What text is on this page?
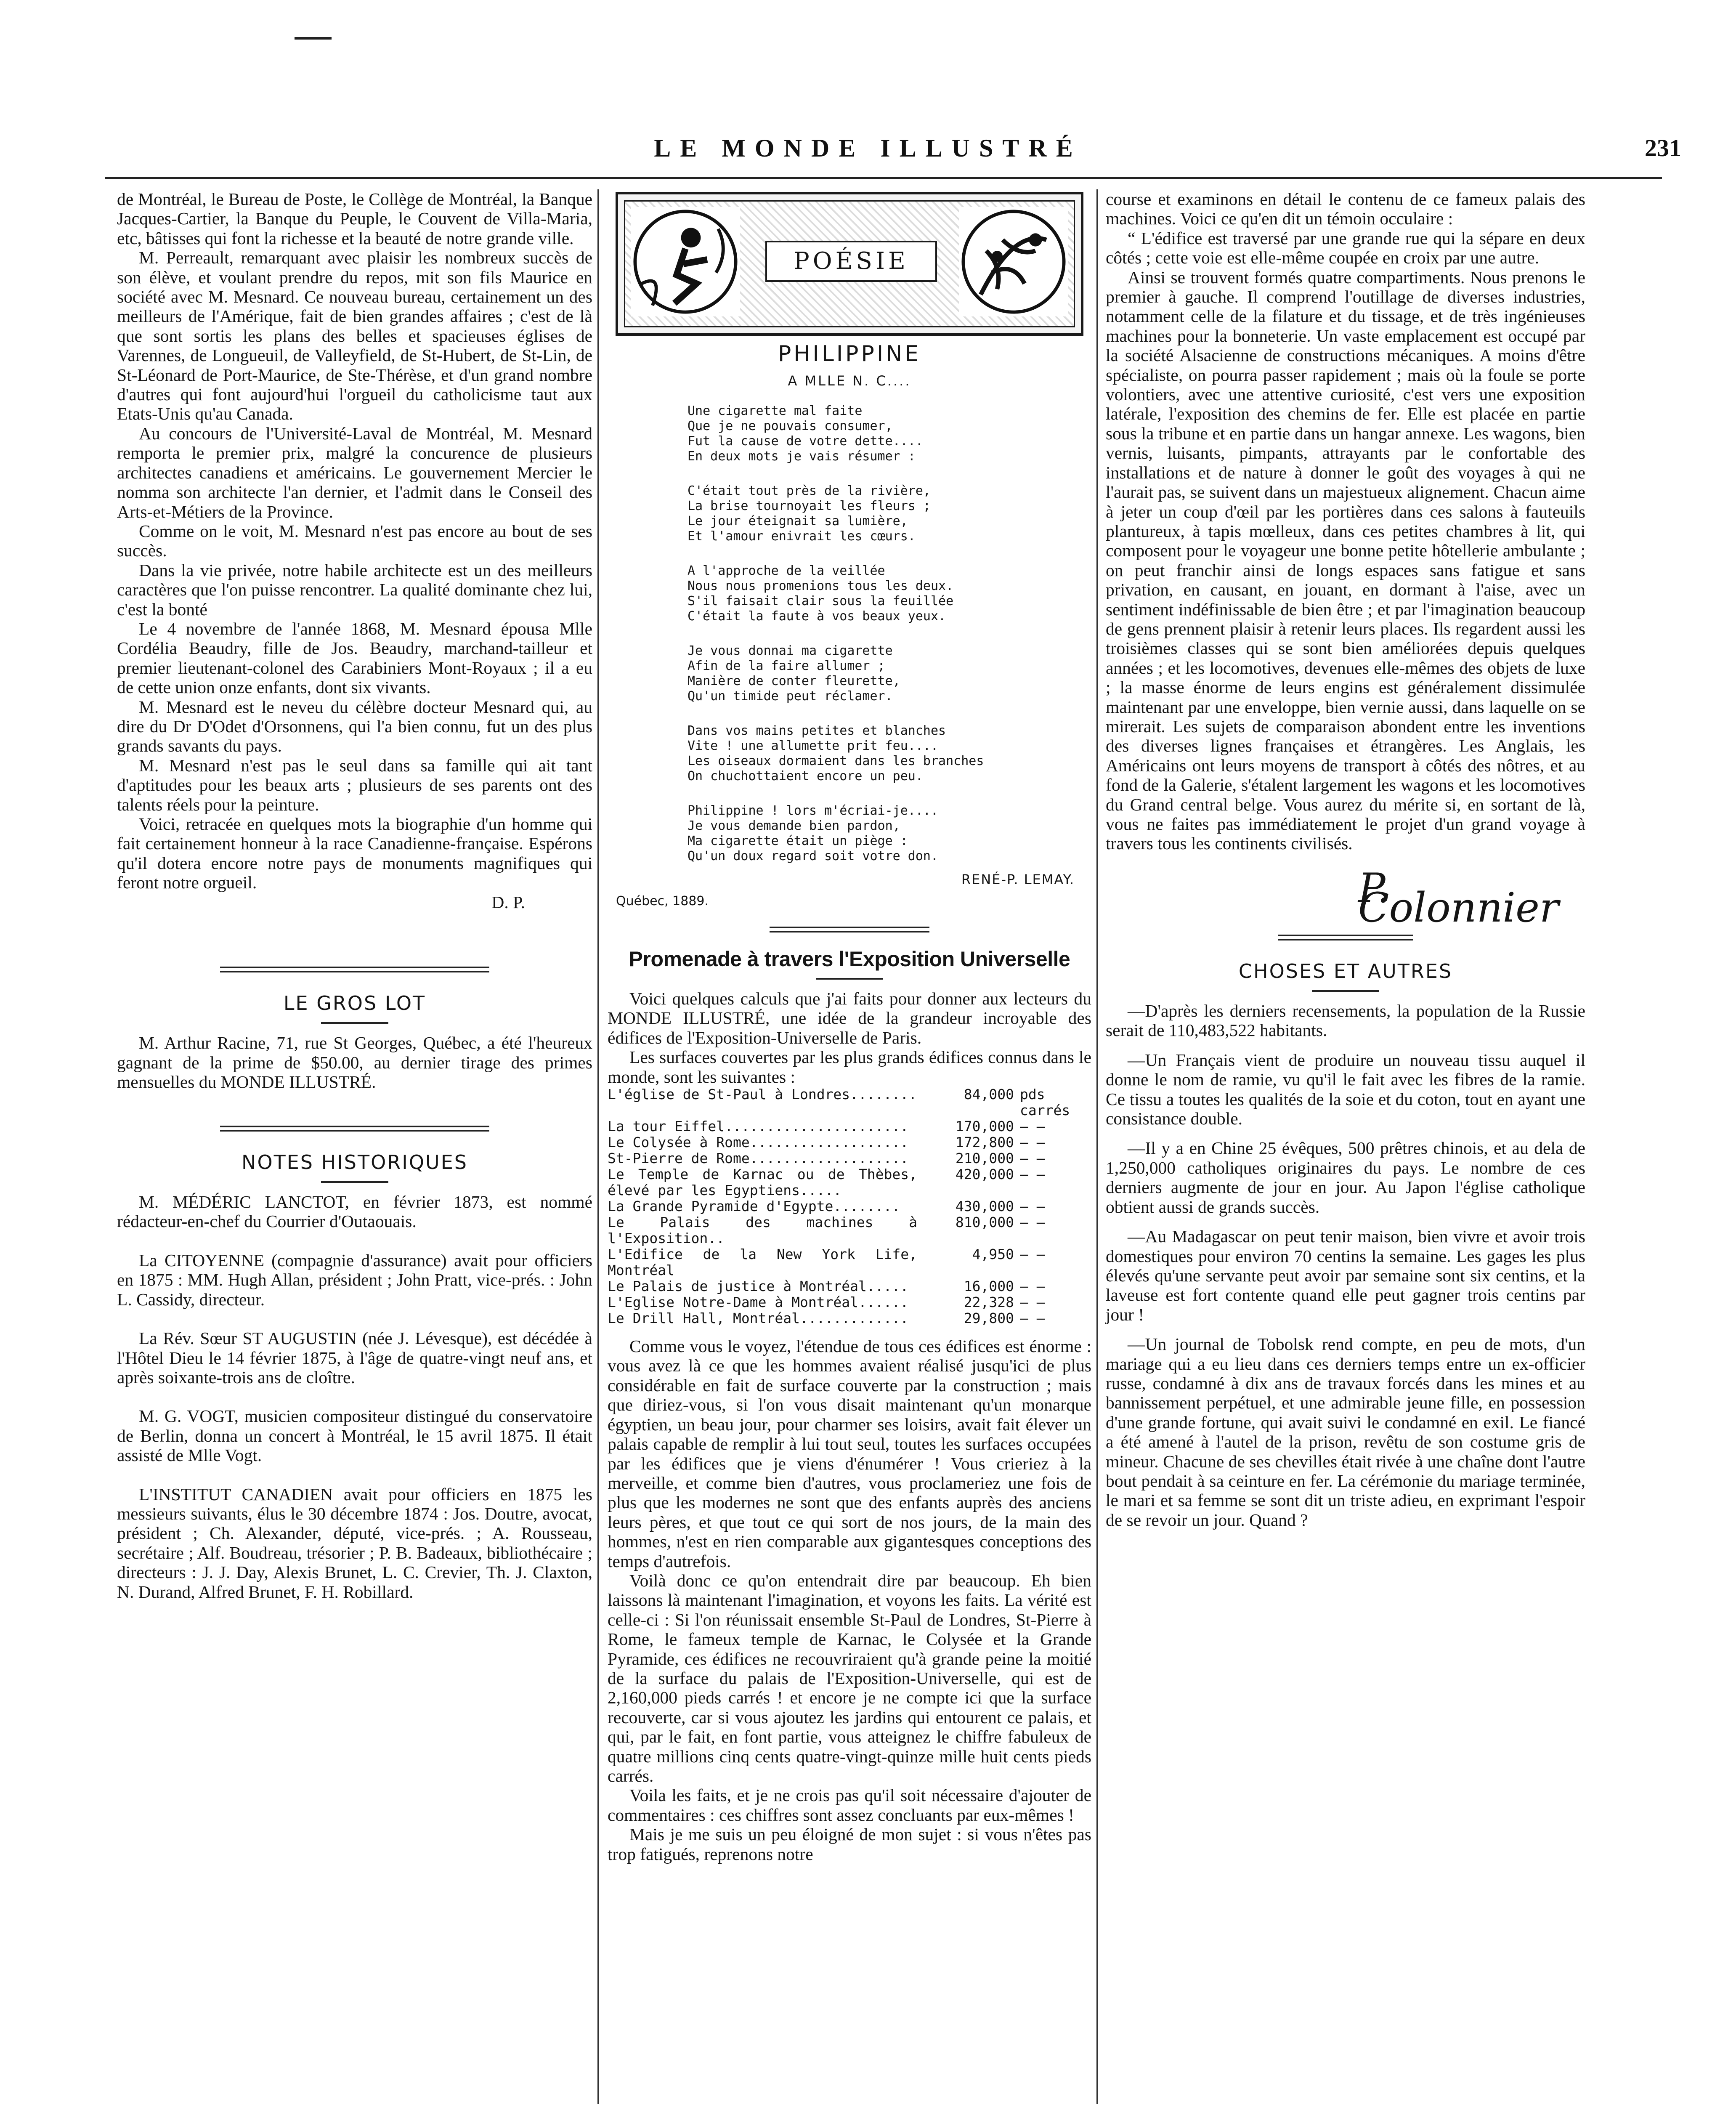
LE MONDE ILLUSTRÉ	231

de Montréal, le Bureau de Poste, le Collège de Montréal, la Banque Jacques-Cartier, la Banque du Peuple, le Couvent de Villa-Maria, etc, bâtisses qui font la richesse et la beauté de notre grande ville.

M. Perreault, remarquant avec plaisir les nombreux succès de son élève, et voulant prendre du repos, mit son fils Maurice en société avec M. Mesnard. Ce nouveau bureau, certainement un des meilleurs de l'Amérique, fait de bien grandes affaires ; c'est de là que sont sortis les plans des belles et spacieuses églises de Varennes, de Longueuil, de Valleyfield, de St-Hubert, de St-Lin, de St-Léonard de Port-Maurice, de Ste-Thérèse, et d'un grand nombre d'autres qui font aujourd'hui l'orgueil du catholicisme taut aux Etats-Unis qu'au Canada.

Au concours de l'Université-Laval de Montréal, M. Mesnard remporta le premier prix, malgré la concurence de plusieurs architectes canadiens et américains. Le gouvernement Mercier le nomma son architecte l'an dernier, et l'admit dans le Conseil des Arts-et-Métiers de la Province.

Comme on le voit, M. Mesnard n'est pas encore au bout de ses succès.

Dans la vie privée, notre habile architecte est un des meilleurs caractères que l'on puisse rencontrer. La qualité dominante chez lui, c'est la bonté

Le 4 novembre de l'année 1868, M. Mesnard épousa Mlle Cordélia Beaudry, fille de Jos. Beaudry, marchand-tailleur et premier lieutenant-colonel des Carabiniers Mont-Royaux ; il a eu de cette union onze enfants, dont six vivants.

M. Mesnard est le neveu du célèbre docteur Mesnard qui, au dire du Dr D'Odet d'Orsonnens, qui l'a bien connu, fut un des plus grands savants du pays.

M. Mesnard n'est pas le seul dans sa famille qui ait tant d'aptitudes pour les beaux arts ; plusieurs de ses parents ont des talents réels pour la peinture.

Voici, retracée en quelques mots la biographie d'un homme qui fait certainement honneur à la race Canadienne-française. Espérons qu'il dotera encore notre pays de monuments magnifiques qui feront notre orgueil.

D. P.

LE GROS LOT

M. Arthur Racine, 71, rue St Georges, Québec, a été l'heureux gagnant de la prime de $50.00, au dernier tirage des primes mensuelles du MONDE ILLUSTRÉ.

NOTES HISTORIQUES

M. MÉDÉRIC LANCTOT, en février 1873, est nommé rédacteur-en-chef du Courrier d'Outaouais.

La CITOYENNE (compagnie d'assurance) avait pour officiers en 1875 : MM. Hugh Allan, président ; John Pratt, vice-prés. : John L. Cassidy, directeur.

La Rév. Sœur ST AUGUSTIN (née J. Lévesque), est décédée à l'Hôtel Dieu le 14 février 1875, à l'âge de quatre-vingt neuf ans, et après soixante-trois ans de cloître.

M. G. VOGT, musicien compositeur distingué du conservatoire de Berlin, donna un concert à Montréal, le 15 avril 1875. Il était assisté de Mlle Vogt.

L'INSTITUT CANADIEN avait pour officiers en 1875 les messieurs suivants, élus le 30 décembre 1874 : Jos. Doutre, avocat, président ; Ch. Alexander, député, vice-prés. ; A. Rousseau, secrétaire ; Alf. Boudreau, trésorier ; P. B. Badeaux, bibliothécaire ; directeurs : J. J. Day, Alexis Brunet, L. C. Crevier, Th. J. Claxton, N. Durand, Alfred Brunet, F. H. Robillard.

POÉSIE
PHILIPPINE
A MLLE N. C....
Une cigarette mal faite
Que je ne pouvais consumer,
Fut la cause de votre dette....
En deux mots je vais résumer :
C'était tout près de la rivière,
La brise tournoyait les fleurs ;
Le jour éteignait sa lumière,
Et l'amour enivrait les cœurs.
A l'approche de la veillée
Nous nous promenions tous les deux.
S'il faisait clair sous la feuillée
C'était la faute à vos beaux yeux.
Je vous donnai ma cigarette
Afin de la faire allumer ;
Manière de conter fleurette,
Qu'un timide peut réclamer.
Dans vos mains petites et blanches
Vite ! une allumette prit feu....
Les oiseaux dormaient dans les branches
On chuchottaient encore un peu.
Philippine ! lors m'écriai-je....
Je vous demande bien pardon,
Ma cigarette était un piège :
Qu'un doux regard soit votre don.
RENÉ-P. LEMAY.
Québec, 1889.
Promenade à travers l'Exposition Universelle

Voici quelques calculs que j'ai faits pour donner aux lecteurs du MONDE ILLUSTRÉ, une idée de la grandeur incroyable des édifices de l'Exposition-Universelle de Paris.

Les surfaces couvertes par les plus grands édifices connus dans le monde, sont les suivantes :

L'église de St-Paul à Londres........	84,000	pds carrés
La tour Eiffel......................	170,000	— —
Le Colysée à Rome...................	172,800	— —
St-Pierre de Rome...................	210,000	— —
Le Temple de Karnac ou de Thèbes, élevé par les Egyptiens.....	420,000	— —
La Grande Pyramide d'Egypte........	430,000	— —
Le Palais des machines à l'Exposition..	810,000	— —
L'Edifice de la New York Life, Montréal	4,950	— —
Le Palais de justice à Montréal.....	16,000	— —
L'Eglise Notre-Dame à Montréal......	22,328	— —
Le Drill Hall, Montréal.............	29,800	— —

Comme vous le voyez, l'étendue de tous ces édifices est énorme : vous avez là ce que les hommes avaient réalisé jusqu'ici de plus considérable en fait de surface couverte par la construction ; mais que diriez-vous, si l'on vous disait maintenant qu'un monarque égyptien, un beau jour, pour charmer ses loisirs, avait fait élever un palais capable de remplir à lui tout seul, toutes les surfaces occupées par les édifices que je viens d'énumérer ! Vous crieriez à la merveille, et comme bien d'autres, vous proclameriez une fois de plus que les modernes ne sont que des enfants auprès des anciens leurs pères, et que tout ce qui sort de nos jours, de la main des hommes, n'est en rien comparable aux gigantesques conceptions des temps d'autrefois.

Voilà donc ce qu'on entendrait dire par beaucoup. Eh bien laissons là maintenant l'imagination, et voyons les faits. La vérité est celle-ci : Si l'on réunissait ensemble St-Paul de Londres, St-Pierre à Rome, le fameux temple de Karnac, le Colysée et la Grande Pyramide, ces édifices ne recouvriraient qu'à grande peine la moitié de la surface du palais de l'Exposition-Universelle, qui est de 2,160,000 pieds carrés ! et encore je ne compte ici que la surface recouverte, car si vous ajoutez les jardins qui entourent ce palais, et qui, par le fait, en font partie, vous atteignez le chiffre fabuleux de quatre millions cinq cents quatre-vingt-quinze mille huit cents pieds carrés.

Voila les faits, et je ne crois pas qu'il soit nécessaire d'ajouter de commentaires : ces chiffres sont assez concluants par eux-mêmes !

Mais je me suis un peu éloigné de mon sujet : si vous n'êtes pas trop fatigués, reprenons notre

course et examinons en détail le contenu de ce fameux palais des machines. Voici ce qu'en dit un témoin occulaire :

“ L'édifice est traversé par une grande rue qui la sépare en deux côtés ; cette voie est elle-même coupée en croix par une autre.

Ainsi se trouvent formés quatre compartiments. Nous prenons le premier à gauche. Il comprend l'outillage de diverses industries, notamment celle de la filature et du tissage, et de très ingénieuses machines pour la bonneterie. Un vaste emplacement est occupé par la société Alsacienne de constructions mécaniques. A moins d'être spécialiste, on pourra passer rapidement ; mais où la foule se porte volontiers, avec une attentive curiosité, c'est vers une exposition latérale, l'exposition des chemins de fer. Elle est placée en partie sous la tribune et en partie dans un hangar annexe. Les wagons, bien vernis, luisants, pimpants, attrayants par le confortable des installations et de nature à donner le goût des voyages à qui ne l'aurait pas, se suivent dans un majestueux alignement. Chacun aime à jeter un coup d'œil par les portières dans ces salons à fauteuils plantureux, à tapis mœlleux, dans ces petites chambres à lit, qui composent pour le voyageur une bonne petite hôtellerie ambulante ; on peut franchir ainsi de longs espaces sans fatigue et sans privation, en causant, en jouant, en dormant à l'aise, avec un sentiment indéfinissable de bien être ; et par l'imagination beaucoup de gens prennent plaisir à retenir leurs places. Ils regardent aussi les troisièmes classes qui se sont bien améliorées depuis quelques années ; et les locomotives, devenues elle-mêmes des objets de luxe ; la masse énorme de leurs engins est généralement dissimulée maintenant par une enveloppe, bien vernie aussi, dans laquelle on se mirerait. Les sujets de comparaison abondent entre les inventions des diverses lignes françaises et étrangères. Les Anglais, les Américains ont leurs moyens de transport à côtés des nôtres, et au fond de la Galerie, s'étalent largement les wagons et les locomotives du Grand central belge. Vous aurez du mérite si, en sortant de là, vous ne faites pas immédiatement le projet d'un grand voyage à travers tous les continents civilisés.

P. Colonnier
CHOSES ET AUTRES

—D'après les derniers recensements, la population de la Russie serait de 110,483,522 habitants.

—Un Français vient de produire un nouveau tissu auquel il donne le nom de ramie, vu qu'il le fait avec les fibres de la ramie. Ce tissu a toutes les qualités de la soie et du coton, tout en ayant une consistance double.

—Il y a en Chine 25 évêques, 500 prêtres chinois, et au dela de 1,250,000 catholiques originaires du pays. Le nombre de ces derniers augmente de jour en jour. Au Japon l'église catholique obtient aussi de grands succès.

—Au Madagascar on peut tenir maison, bien vivre et avoir trois domestiques pour environ 70 centins la semaine. Les gages les plus élevés qu'une servante peut avoir par semaine sont six centins, et la laveuse est fort contente quand elle peut gagner trois centins par jour !

—Un journal de Tobolsk rend compte, en peu de mots, d'un mariage qui a eu lieu dans ces derniers temps entre un ex-officier russe, condamné à dix ans de travaux forcés dans les mines et au bannissement perpétuel, et une admirable jeune fille, en possession d'une grande fortune, qui avait suivi le condamné en exil. Le fiancé a été amené à l'autel de la prison, revêtu de son costume gris de mineur. Chacune de ses chevilles était rivée à une chaîne dont l'autre bout pendait à sa ceinture en fer. La cérémonie du mariage terminée, le mari et sa femme se sont dit un triste adieu, en exprimant l'espoir de se revoir un jour. Quand ?
